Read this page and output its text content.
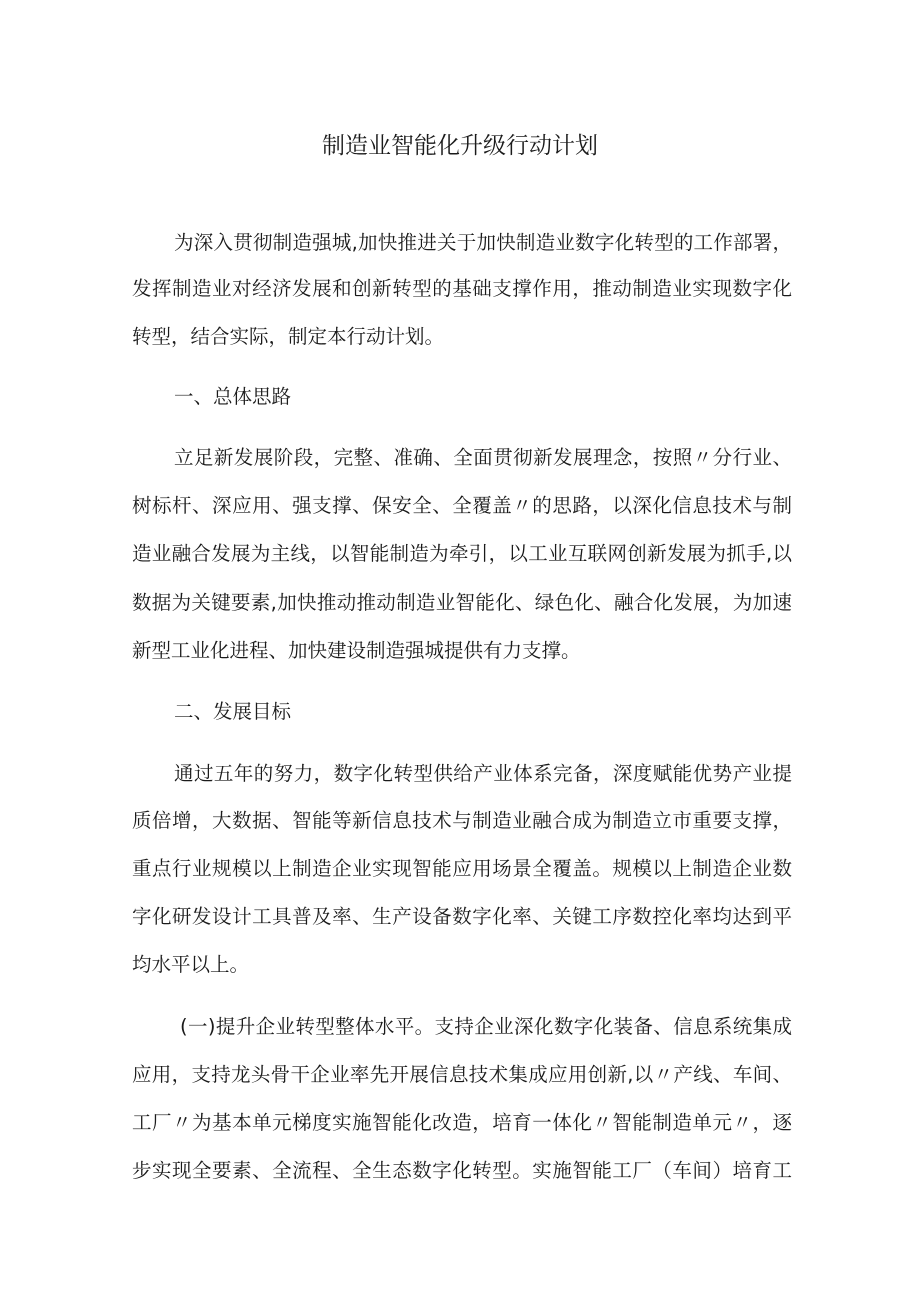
制造业智能化升级行动计划
为深入贯彻制造强城,加快推进关于加快制造业数字化转型的工作部署，
发挥制造业对经济发展和创新转型的基础支撑作用，推动制造业实现数字化
转型，结合实际，制定本行动计划。
一、总体思路
立足新发展阶段，完整、准确、全面贯彻新发展理念，按照〃分行业、
树标杆、深应用、强支撑、保安全、全覆盖〃的思路，以深化信息技术与制
造业融合发展为主线，以智能制造为牵引，以工业互联网创新发展为抓手,以
数据为关键要素,加快推动推动制造业智能化、绿色化、融合化发展，为加速
新型工业化进程、加快建设制造强城提供有力支撑。
二、发展目标
通过五年的努力，数字化转型供给产业体系完备，深度赋能优势产业提
质倍增，大数据、智能等新信息技术与制造业融合成为制造立市重要支撑，
重点行业规模以上制造企业实现智能应用场景全覆盖。规模以上制造企业数
字化研发设计工具普及率、生产设备数字化率、关键工序数控化率均达到平
均水平以上。
(一)提升企业转型整体水平。支持企业深化数字化装备、信息系统集成
应用，支持龙头骨干企业率先开展信息技术集成应用创新,以〃产线、车间、
工厂〃为基本单元梯度实施智能化改造，培育一体化〃智能制造单元〃，逐
步实现全要素、全流程、全生态数字化转型。实施智能工厂（车间）培育工
